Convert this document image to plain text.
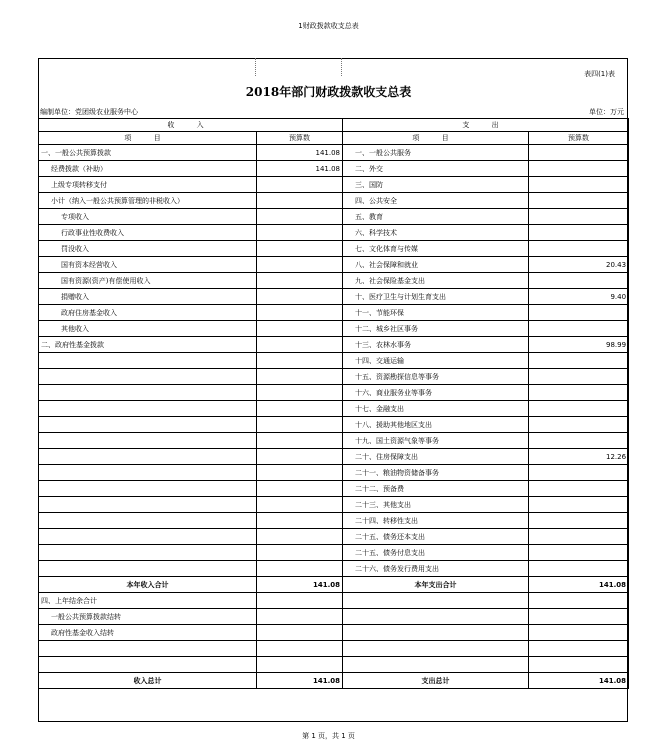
1财政拨款收支总表
表四(1)表
2018年部门财政拨款收支总表
编制单位：党团级农业服务中心	单位：万元
收 入		支 出	
项 目	预算数	项 目	预算数
一、一般公共预算拨款	141.08	一、一般公共服务	
经费拨款（补助）	141.08	二、外交	
上级专项转移支付		三、国防	
小计（纳入一般公共预算管理的非税收入）		四、公共安全	
专项收入		五、教育	
行政事业性收费收入		六、科学技术	
罚没收入		七、文化体育与传媒	
国有资本经营收入		八、社会保障和就业	20.43
国有资源(资产)有偿使用收入		九、社会保险基金支出	
捐赠收入		十、医疗卫生与计划生育支出	9.40
政府住房基金收入		十一、节能环保	
其他收入		十二、城乡社区事务	
二、政府性基金拨款		十三、农林水事务	98.99
		十四、交通运输	
		十五、资源勘探信息等事务	
		十六、商业服务业等事务	
		十七、金融支出	
		十八、援助其他地区支出	
		十九、国土资源气象等事务	
		二十、住房保障支出	12.26
		二十一、粮油物资储备事务	
		二十二、预备费	
		二十三、其他支出	
		二十四、转移性支出	
		二十五、债务还本支出	
		二十五、债务付息支出	
		二十六、债务发行费用支出	
本年收入合计	141.08	本年支出合计	141.08
四、上年结余合计			
一般公共预算拨款结转			
政府性基金收入结转			

收入总计	141.08	支出总计	141.08
第 1 页，共 1 页
